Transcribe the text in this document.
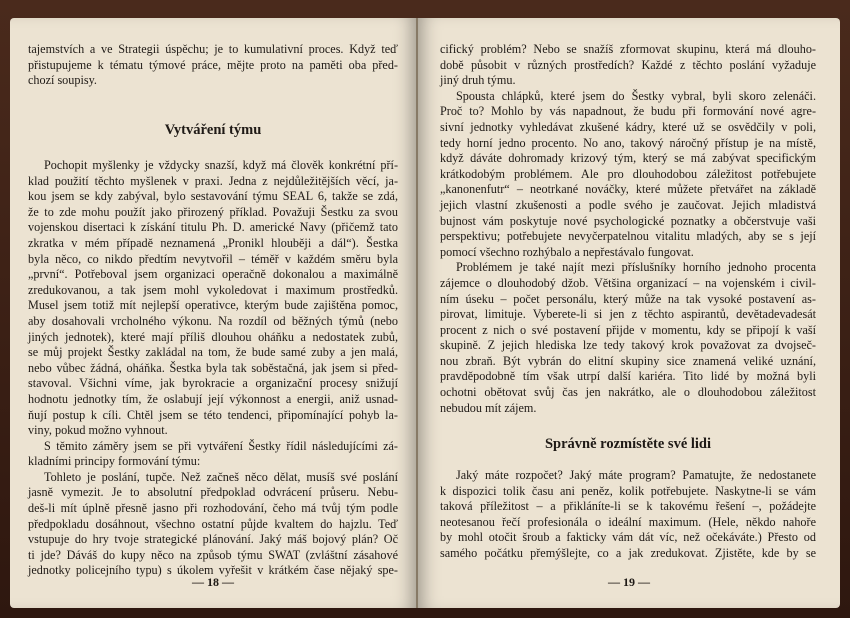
tajemstvích a ve Strategii úspěchu; je to kumulativní proces. Když teď
přistupujeme k tématu týmové práce, mějte proto na paměti oba před-
chozí soupisy.
Vytváření týmu
Pochopit myšlenky je vždycky snazší, když má člověk konkrétní pří-
klad použití těchto myšlenek v praxi. Jedna z nejdůležitějších věcí, ja-
kou jsem se kdy zabýval, bylo sestavování týmu SEAL 6, takže se zdá,
že to zde mohu použít jako přirozený příklad. Považuji Šestku za svou
vojenskou disertaci k získání titulu Ph. D. americké Navy (přičemž tato
zkratka v mém případě neznamená „Pronikl hlouběji a dál“). Šestka
byla něco, co nikdo předtím nevytvořil – téměř v každém směru byla
„první“. Potřeboval jsem organizaci operačně dokonalou a maximálně
zredukovanou, a tak jsem mohl vykoledovat i maximum prostředků.
Musel jsem totiž mít nejlepší operativce, kterým bude zajištěna pomoc,
aby dosahovali vrcholného výkonu. Na rozdíl od běžných týmů (nebo
jiných jednotek), které mají příliš dlouhou oháňku a nedostatek zubů,
se můj projekt Šestky zakládal na tom, že bude samé zuby a jen malá,
nebo vůbec žádná, oháňka. Šestka byla tak soběstačná, jak jsem si před-
stavoval. Všichni víme, jak byrokracie a organizační procesy snižují
hodnotu jednotky tím, že oslabují její výkonnost a energii, aniž usnad-
ňují postup k cíli. Chtěl jsem se této tendenci, připomínající pohyb la-
viny, pokud možno vyhnout.
S těmito záměry jsem se při vytváření Šestky řídil následujícími zá-
kladními principy formování týmu:
Tohleto je poslání, tupče. Než začneš něco dělat, musíš své poslání
jasně vymezit. Je to absolutní předpoklad odvrácení průseru. Nebu-
deš-li mít úplně přesně jasno při rozhodování, čeho má tvůj tým podle
předpokladu dosáhnout, všechno ostatní půjde kvaltem do hajzlu. Teď
vstupuje do hry tvoje strategické plánování. Jaký máš bojový plán? Oč
ti jde? Dáváš do kupy něco na způsob týmu SWAT (zvláštní zásahové
jednotky policejního typu) s úkolem vyřešit v krátkém čase nějaký spe-
— 18 —
cifický problém? Nebo se snažíš zformovat skupinu, která má dlouho-
době působit v různých prostředích? Každé z těchto poslání vyžaduje
jiný druh týmu.
Spousta chlápků, které jsem do Šestky vybral, byli skoro zelenáči.
Proč to? Mohlo by vás napadnout, že budu při formování nové agre-
sivní jednotky vyhledávat zkušené kádry, které už se osvědčily v poli,
tedy horní jedno procento. No ano, takový náročný přístup je na místě,
když dáváte dohromady krizový tým, který se má zabývat specifickým
krátkodobým problémem. Ale pro dlouhodobou záležitost potřebujete
„kanonenfutr“ – neotrkané nováčky, které můžete přetvářet na základě
jejich vlastní zkušenosti a podle svého je zaučovat. Jejich mladistvá
bujnost vám poskytuje nové psychologické poznatky a občerstvuje vaši
perspektivu; potřebujete nevyčerpatelnou vitalitu mladých, aby se s její
pomocí všechno rozhýbalo a nepřestávalo fungovat.
Problémem je také najít mezi příslušníky horního jednoho procenta
zájemce o dlouhodobý džob. Většina organizací – na vojenském i civil-
ním úseku – počet personálu, který může na tak vysoké postavení as-
pirovat, limituje. Vyberete-li si jen z těchto aspirantů, devětadevadesát
procent z nich o své postavení přijde v momentu, kdy se připojí k vaší
skupině. Z jejich hlediska lze tedy takový krok považovat za dvojseč-
nou zbraň. Být vybrán do elitní skupiny sice znamená veliké uznání,
pravděpodobně tím však utrpí další kariéra. Tito lidé by možná byli
ochotni obětovat svůj čas jen nakrátko, ale o dlouhodobou záležitost
nebudou mít zájem.
Správně rozmístěte své lidi
Jaký máte rozpočet? Jaký máte program? Pamatujte, že nedostanete
k dispozici tolik času ani peněz, kolik potřebujete. Naskytne-li se vám
taková příležitost – a přikláníte-li se k takovému řešení –, požádejte
neotesanou řečí profesionála o ideální maximum. (Hele, někdo nahoře
by mohl otočit šroub a fakticky vám dát víc, než očekáváte.) Přesto od
samého počátku přemýšlejte, co a jak zredukovat. Zjistěte, kde by se
— 19 —
